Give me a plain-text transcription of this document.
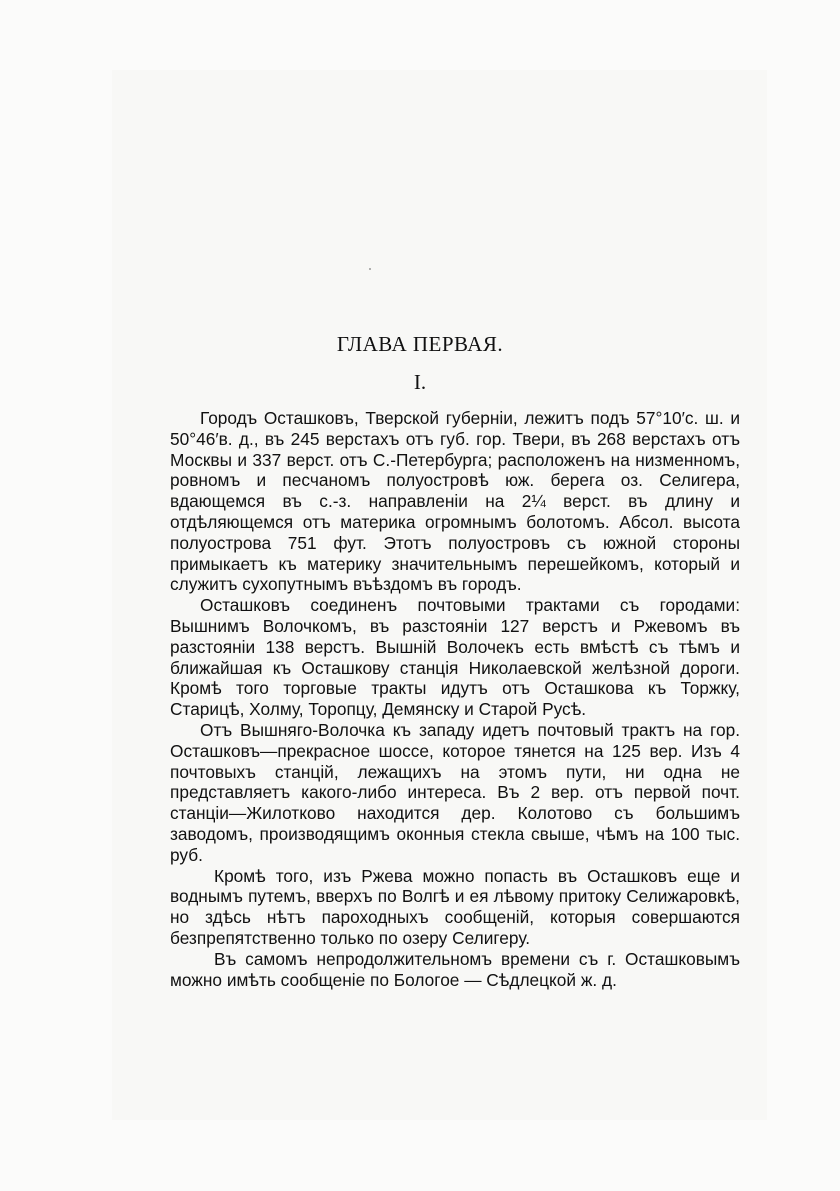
ГЛАВА ПЕРВАЯ.
I.

Городъ Осташковъ, Тверской губерніи, лежитъ подъ 57°10′с. ш. и 50°46′в. д., въ 245 верстахъ отъ губ. гор. Твери, въ 268 верстахъ отъ Москвы и 337 верст. отъ С.-Петербурга; расположенъ на низменномъ, ровномъ и песчаномъ полуостровѣ юж. берега оз. Селигера, вдающемся въ с.-з. направленіи на 2¼ верст. въ длину и отдѣляющемся отъ материка огромнымъ болотомъ. Абсол. высота полуострова 751 фут. Этотъ полуостровъ съ южной стороны примыкаетъ къ материку значительнымъ перешейкомъ, который и служитъ сухопутнымъ въѣздомъ въ городъ.

Осташковъ соединенъ почтовыми трактами съ городами: Вышнимъ Волочкомъ, въ разстояніи 127 верстъ и Ржевомъ въ разстояніи 138 верстъ. Вышній Волочекъ есть вмѣстѣ съ тѣмъ и ближайшая къ Осташкову станція Николаевской желѣзной дороги. Кромѣ того торговые тракты идутъ отъ Осташкова къ Торжку, Старицѣ, Холму, Торопцу, Демянску и Старой Русѣ.

Отъ Вышняго-Волочка къ западу идетъ почтовый трактъ на гор. Осташковъ—прекрасное шоссе, которое тянется на 125 вер. Изъ 4 почтовыхъ станцій, лежащихъ на этомъ пути, ни одна не представляетъ какого-либо интереса. Въ 2 вер. отъ первой почт. станціи—Жилотково находится дер. Колотово съ большимъ заводомъ, производящимъ оконныя стекла свыше, чѣмъ на 100 тыс. руб.

Кромѣ того, изъ Ржева можно попасть въ Осташковъ еще и воднымъ путемъ, вверхъ по Волгѣ и ея лѣвому притоку Селижаровкѣ, но здѣсь нѣтъ пароходныхъ сообщеній, которыя совершаются безпрепятственно только по озеру Селигеру.

Въ самомъ непродолжительномъ времени съ г. Осташковымъ можно имѣть сообщеніе по Бологое — Сѣдлецкой ж. д.
